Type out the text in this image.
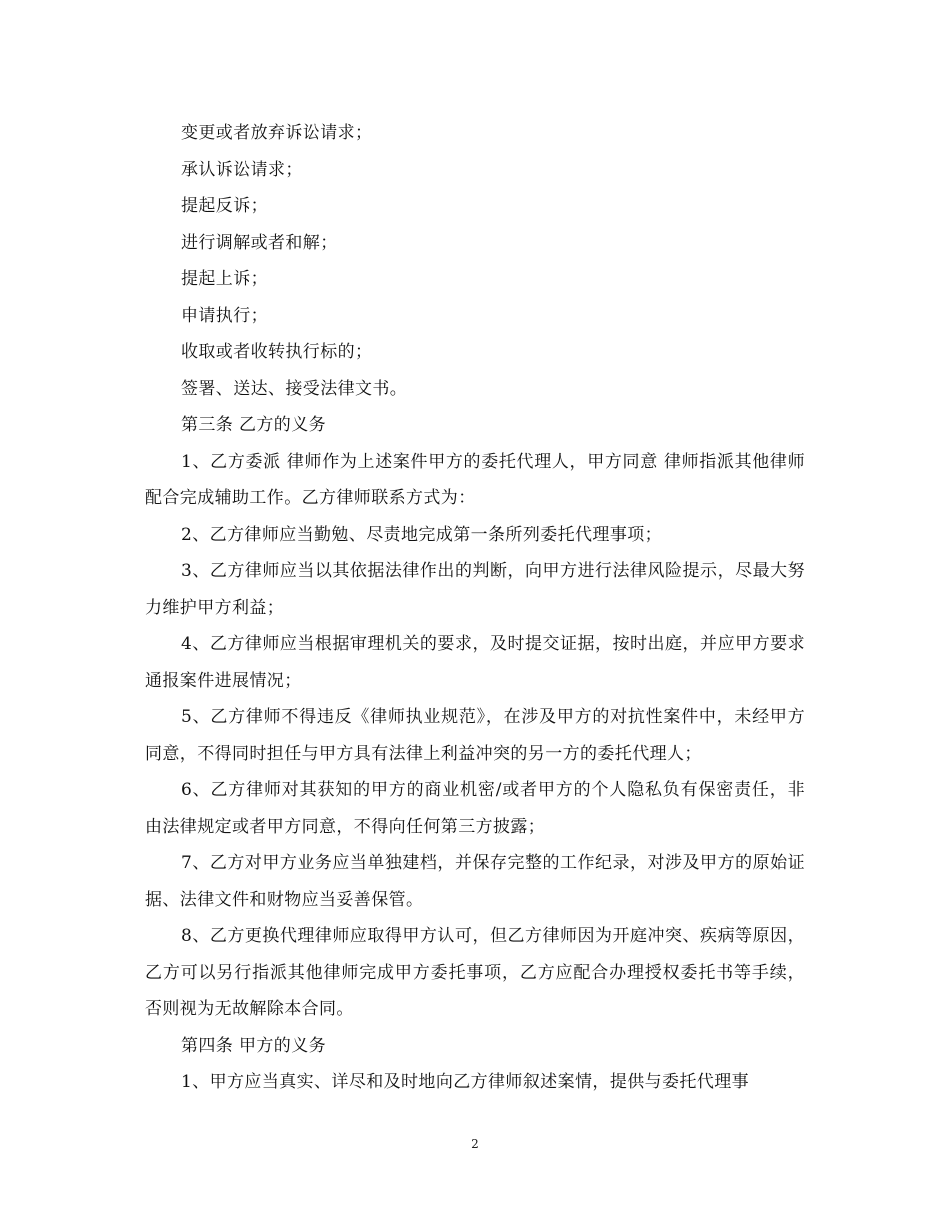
变更或者放弃诉讼请求；

承认诉讼请求；

提起反诉；

进行调解或者和解；

提起上诉；

申请执行；

收取或者收转执行标的；

签署、送达、接受法律文书。

第三条 乙方的义务

1、乙方委派 律师作为上述案件甲方的委托代理人，甲方同意 律师指派其他律师配合完成辅助工作。乙方律师联系方式为：

2、乙方律师应当勤勉、尽责地完成第一条所列委托代理事项；

3、乙方律师应当以其依据法律作出的判断，向甲方进行法律风险提示，尽最大努力维护甲方利益；

4、乙方律师应当根据审理机关的要求，及时提交证据，按时出庭，并应甲方要求通报案件进展情况；

5、乙方律师不得违反《律师执业规范》，在涉及甲方的对抗性案件中，未经甲方同意，不得同时担任与甲方具有法律上利益冲突的另一方的委托代理人；

6、乙方律师对其获知的甲方的商业机密/或者甲方的个人隐私负有保密责任，非由法律规定或者甲方同意，不得向任何第三方披露；

7、乙方对甲方业务应当单独建档，并保存完整的工作纪录，对涉及甲方的原始证据、法律文件和财物应当妥善保管。

8、乙方更换代理律师应取得甲方认可，但乙方律师因为开庭冲突、疾病等原因，乙方可以另行指派其他律师完成甲方委托事项，乙方应配合办理授权委托书等手续，否则视为无故解除本合同。

第四条 甲方的义务

1、甲方应当真实、详尽和及时地向乙方律师叙述案情，提供与委托代理事

2
